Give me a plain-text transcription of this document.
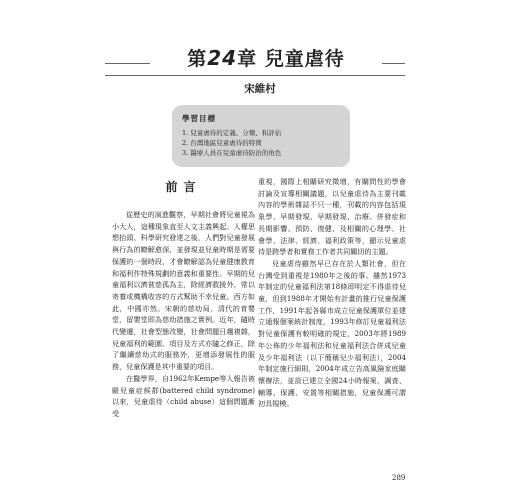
第24章 兒童虐待
宋維村
學習目標
1. 兒童虐待的定義、分類、和評估
2. 台灣地區兒童虐待的特徵
3. 醫療人員在兒童虐待防治的角色
前言

從歷史的演進觀察，早期社會將兒童視為小大人，這種現象直至人文主義興起、人權思想抬頭、科學研究發達之後，人們對兒童發展與行為的瞭解愈深，並發現並兒童時期是需要保護的一個時段，才會瞭解認為兒童健康教育和福利作特殊規劃的意義和重要性。早期的兒童福利以濟貧慈孤為主，除經濟救援外，常以寄養或機構收容的方式幫助不幸兒童。西方如此，中國亦然。宋朝的慈幼局，清代的育嬰堂，留嬰堂即為慈幼措施之實例。近年，隨時代變遷，社會型態改變，社會問題日趨複雜，兒童福利的範圍、項目及方式亦隨之修正，除了繼續慈幼式的服務外，更增添發展性的服務，兒童保護是其中重要的項目。

在醫學界，自1962年Kempe等人報告被毆兒童症候群(battered child syndrome)以來，兒童虐待（child abuse）這個問題漸受

重視，國際上相關研究徵增，有關問性的學會討論及宣導相關議題，以兒童虐待為主要刊載內容的學術雜誌不只一種，刊載的內容包括現象學、早期發現、早期發現、治療、併發症和長期影響、預防、復健、及相關的心理學、社會學、法律、經濟、福利政策等，顯示兒童虐待是跨學者和實務工作者共同關切的主題。

兒童虐待雖然早已存在於人類社會，但在台灣受到重視是1980年之後的事。雖然1973年制定的兒童福利法第18條即明定不得虐待兒童，但到1988年才開始有計畫的推行兒童保護工作，1991年起各縣市成立兒童保護單位並建立通報個案統計制度，1993年修訂兒童福利法對兒童保護有較明確的規定，2003年將1989年公佈的少年福利法和兒童福利法合併成兒童及少年福利法（以下簡稱兒少福利法），2004年制定施行細則，2004年成立告高風險家庭關懷辦法，並設已建立全國24小時報案，調查、輔導、保護、安置等相關措施，兒童保護可謂初具規模。

289
